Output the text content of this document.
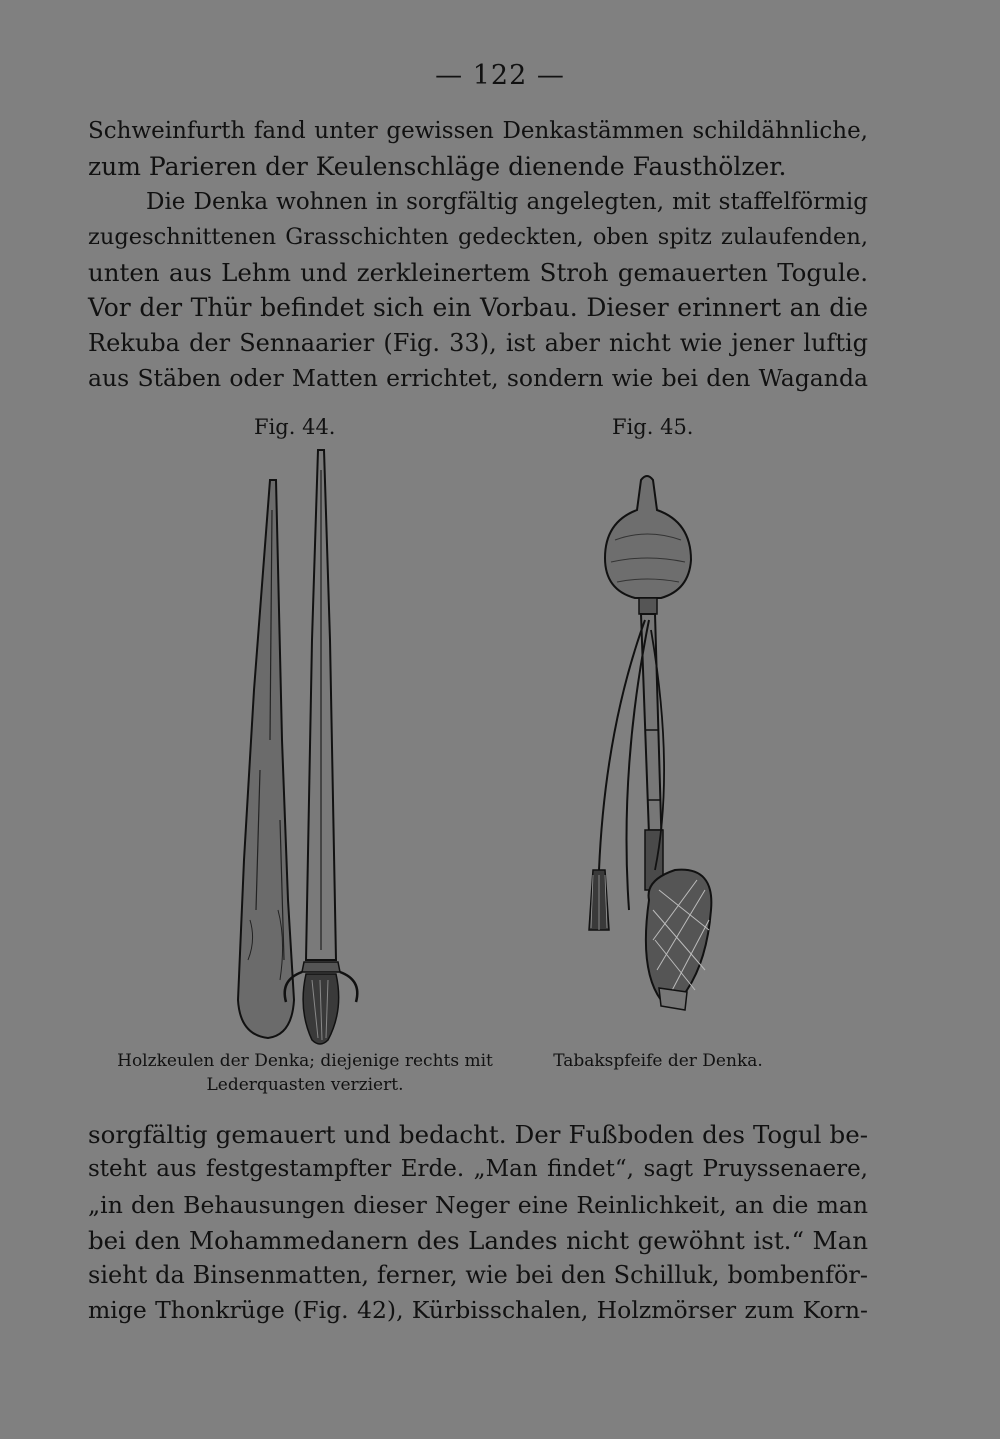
— 122 —
Schweinfurth fand unter gewissen Denkastämmen schildähnliche,
zum Parieren der Keulenschläge dienende Fausthölzer.
Die Denka wohnen in sorgfältig angelegten, mit staffelförmig
zugeschnittenen Grasschichten gedeckten, oben spitz zulaufenden,
unten aus Lehm und zerkleinertem Stroh gemauerten Togule.
Vor der Thür befindet sich ein Vorbau. Dieser erinnert an die
Rekuba der Sennaarier (Fig. 33), ist aber nicht wie jener luftig
aus Stäben oder Matten errichtet, sondern wie bei den Waganda
Fig. 44.	Fig. 45.
Holzkeulen der Denka; diejenige rechts mit
Lederquasten verziert.
Tabakspfeife der Denka.
sorgfältig gemauert und bedacht. Der Fußboden des Togul be-
steht aus festgestampfter Erde. „Man findet“, sagt Pruyssenaere,
„in den Behausungen dieser Neger eine Reinlichkeit, an die man
bei den Mohammedanern des Landes nicht gewöhnt ist.“ Man
sieht da Binsenmatten, ferner, wie bei den Schilluk, bombenför-
mige Thonkrüge (Fig. 42), Kürbisschalen, Holzmörser zum Korn-
